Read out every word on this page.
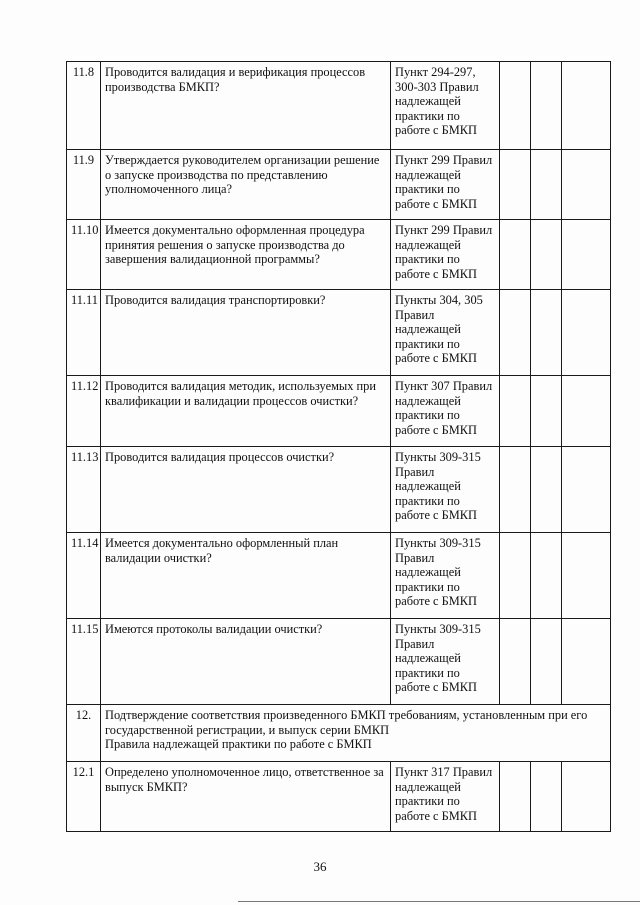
11.8	Проводится валидация и верификация процессов производства БМКП?	Пункт 294-297, 300-303 Правил надлежащей практики по работе с БМКП			
11.9	Утверждается руководителем организации решение о запуске производства по представлению уполномоченного лица?	Пункт 299 Правил надлежащей практики по работе с БМКП			
11.10	Имеется документально оформленная процедура принятия решения о запуске производства до завершения валидационной программы?	Пункт 299 Правил надлежащей практики по работе с БМКП			
11.11	Проводится валидация транспортировки?	Пункты 304, 305 Правил надлежащей практики по работе с БМКП			
11.12	Проводится валидация методик, используемых при квалификации и валидации процессов очистки?	Пункт 307 Правил надлежащей практики по работе с БМКП			
11.13	Проводится валидация процессов очистки?	Пункты 309-315 Правил надлежащей практики по работе с БМКП			
11.14	Имеется документально оформленный план валидации очистки?	Пункты 309-315 Правил надлежащей практики по работе с БМКП			
11.15	Имеются протоколы валидации очистки?	Пункты 309-315 Правил надлежащей практики по работе с БМКП			
12.	Подтверждение соответствия произведенного БМКП требованиям, установленным при его государственной регистрации, и выпуск серии БМКП
Правила надлежащей практики по работе с БМКП				

12.1	Определено уполномоченное лицо, ответственное за выпуск БМКП?	Пункт 317 Правил надлежащей практики по работе с БМКП			
36
